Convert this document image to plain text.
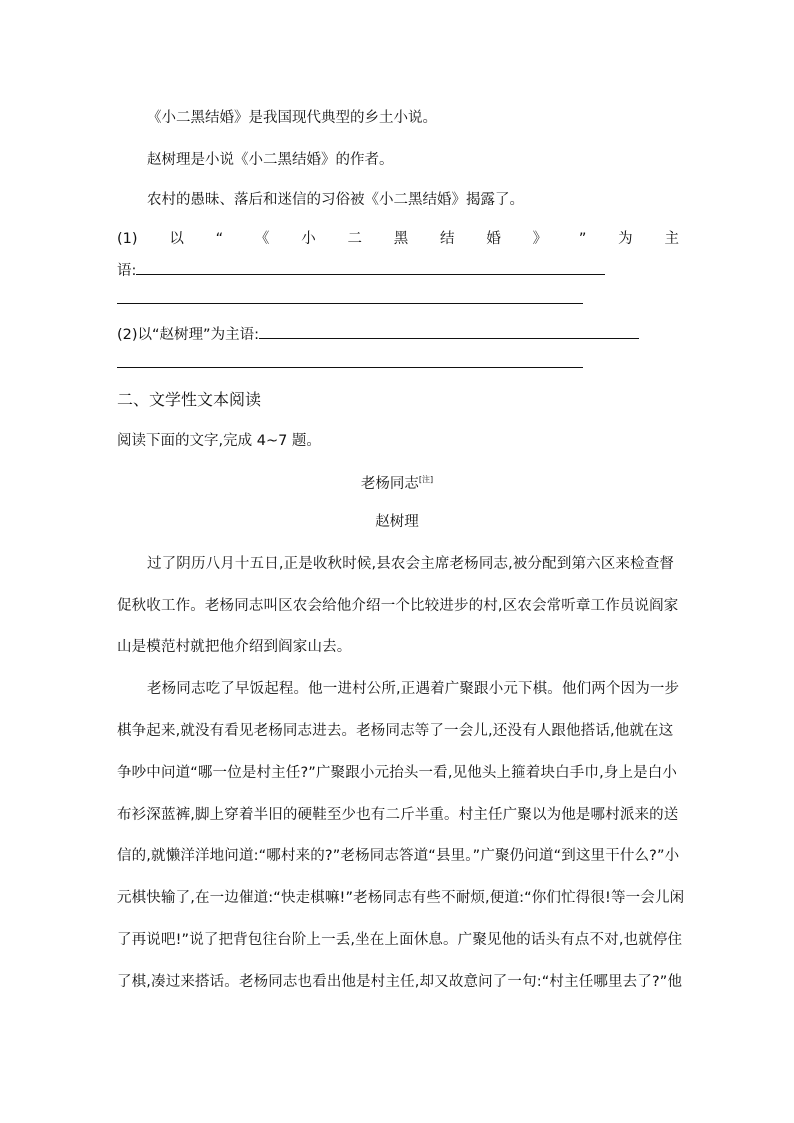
《小二黑结婚》是我国现代典型的乡土小说。
赵树理是小说《小二黑结婚》的作者。
农村的愚昧、落后和迷信的习俗被《小二黑结婚》揭露了。
(1) 以 “ 《 小 二 黑 结 婚 》 ” 为 主
语:
(2)以“赵树理”为主语:
二、文学性文本阅读
阅读下面的文字,完成 4~7 题。
老杨同志[注]
赵树理
过了阴历八月十五日,正是收秋时候,县农会主席老杨同志,被分配到第六区来检查督
促秋收工作。老杨同志叫区农会给他介绍一个比较进步的村,区农会常听章工作员说阎家
山是模范村就把他介绍到阎家山去。
老杨同志吃了早饭起程。他一进村公所,正遇着广聚跟小元下棋。他们两个因为一步
棋争起来,就没有看见老杨同志进去。老杨同志等了一会儿,还没有人跟他搭话,他就在这
争吵中问道“哪一位是村主任?”广聚跟小元抬头一看,见他头上箍着块白手巾,身上是白小
布衫深蓝裤,脚上穿着半旧的硬鞋至少也有二斤半重。村主任广聚以为他是哪村派来的送
信的,就懒洋洋地问道:“哪村来的?”老杨同志答道“县里。”广聚仍问道“到这里干什么?”小
元棋快输了,在一边催道:“快走棋嘛!”老杨同志有些不耐烦,便道:“你们忙得很!等一会儿闲
了再说吧!”说了把背包往台阶上一丢,坐在上面休息。广聚见他的话头有点不对,也就停住
了棋,凑过来搭话。老杨同志也看出他是村主任,却又故意问了一句:“村主任哪里去了?”他
